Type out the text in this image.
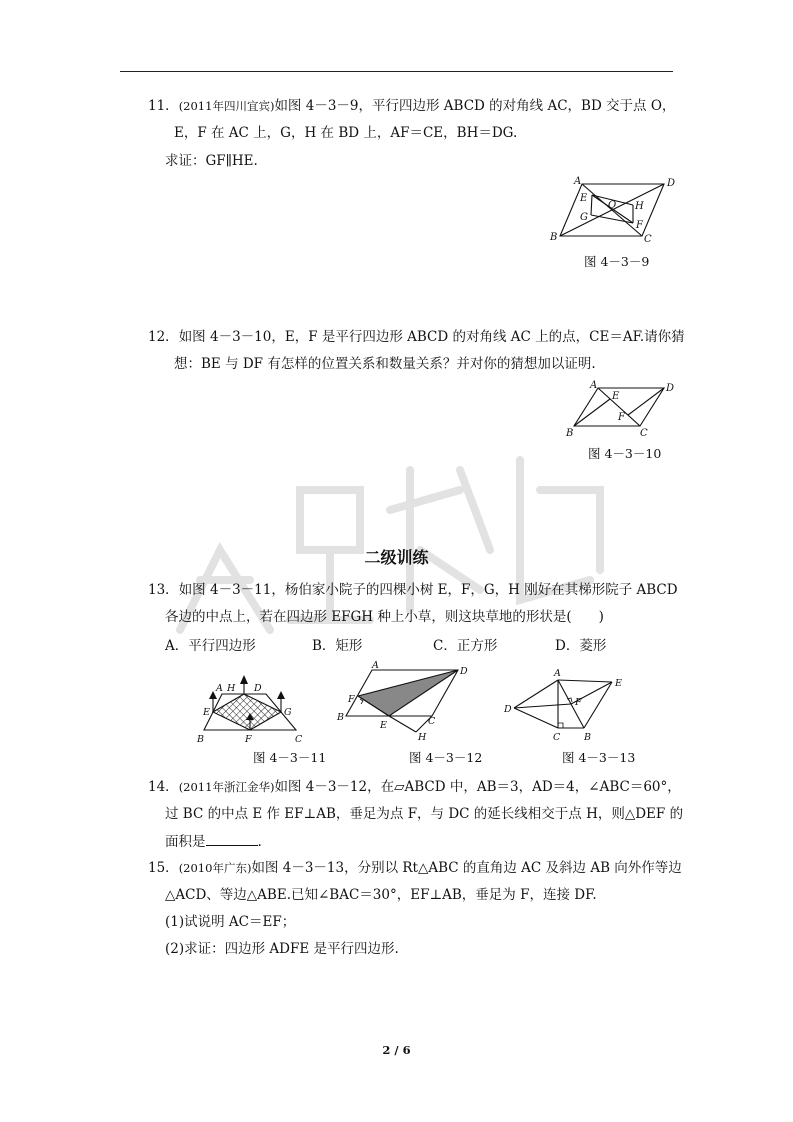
11．(2011年四川宜宾)如图 4－3－9，平行四边形 ABCD 的对角线 AC，BD 交于点 O，
E，F 在 AC 上，G，H 在 BD 上，AF＝CE，BH＝DG.
求证：GF∥HE.
A	D
E
O H
G
F
B	C
图 4－3－9
12．如图 4－3－10，E，F 是平行四边形 ABCD 的对角线 AC 上的点，CE＝AF.请你猜
想：BE 与 DF 有怎样的位置关系和数量关系？并对你的猜想加以证明.
A	D
E
F
B	C
图 4－3－10
二级训练
13．如图 4－3－11，杨伯家小院子的四棵小树 E，F，G，H 刚好在其梯形院子 ABCD
各边的中点上，若在四边形 EFGH 种上小草，则这块草地的形状是(　　)
A．平行四边形	B．矩形	C．正方形	D．菱形
A H D
E	G
B	F	C
A
D
F
B
E	C
H
A
E
D
F
C B
图 4－3－11	图 4－3－12	图 4－3－13
14．(2011年浙江金华)如图 4－3－12，在▱ABCD 中，AB＝3，AD＝4，∠ABC＝60°，
过 BC 的中点 E 作 EF⊥AB，垂足为点 F，与 DC 的延长线相交于点 H，则△DEF 的
面积是	.
15．(2010年广东)如图 4－3－13，分别以 Rt△ABC 的直角边 AC 及斜边 AB 向外作等边
△ACD、等边△ABE.已知∠BAC＝30°，EF⊥AB，垂足为 F，连接 DF.
(1)试说明 AC＝EF；
(2)求证：四边形 ADFE 是平行四边形.
2 / 6
